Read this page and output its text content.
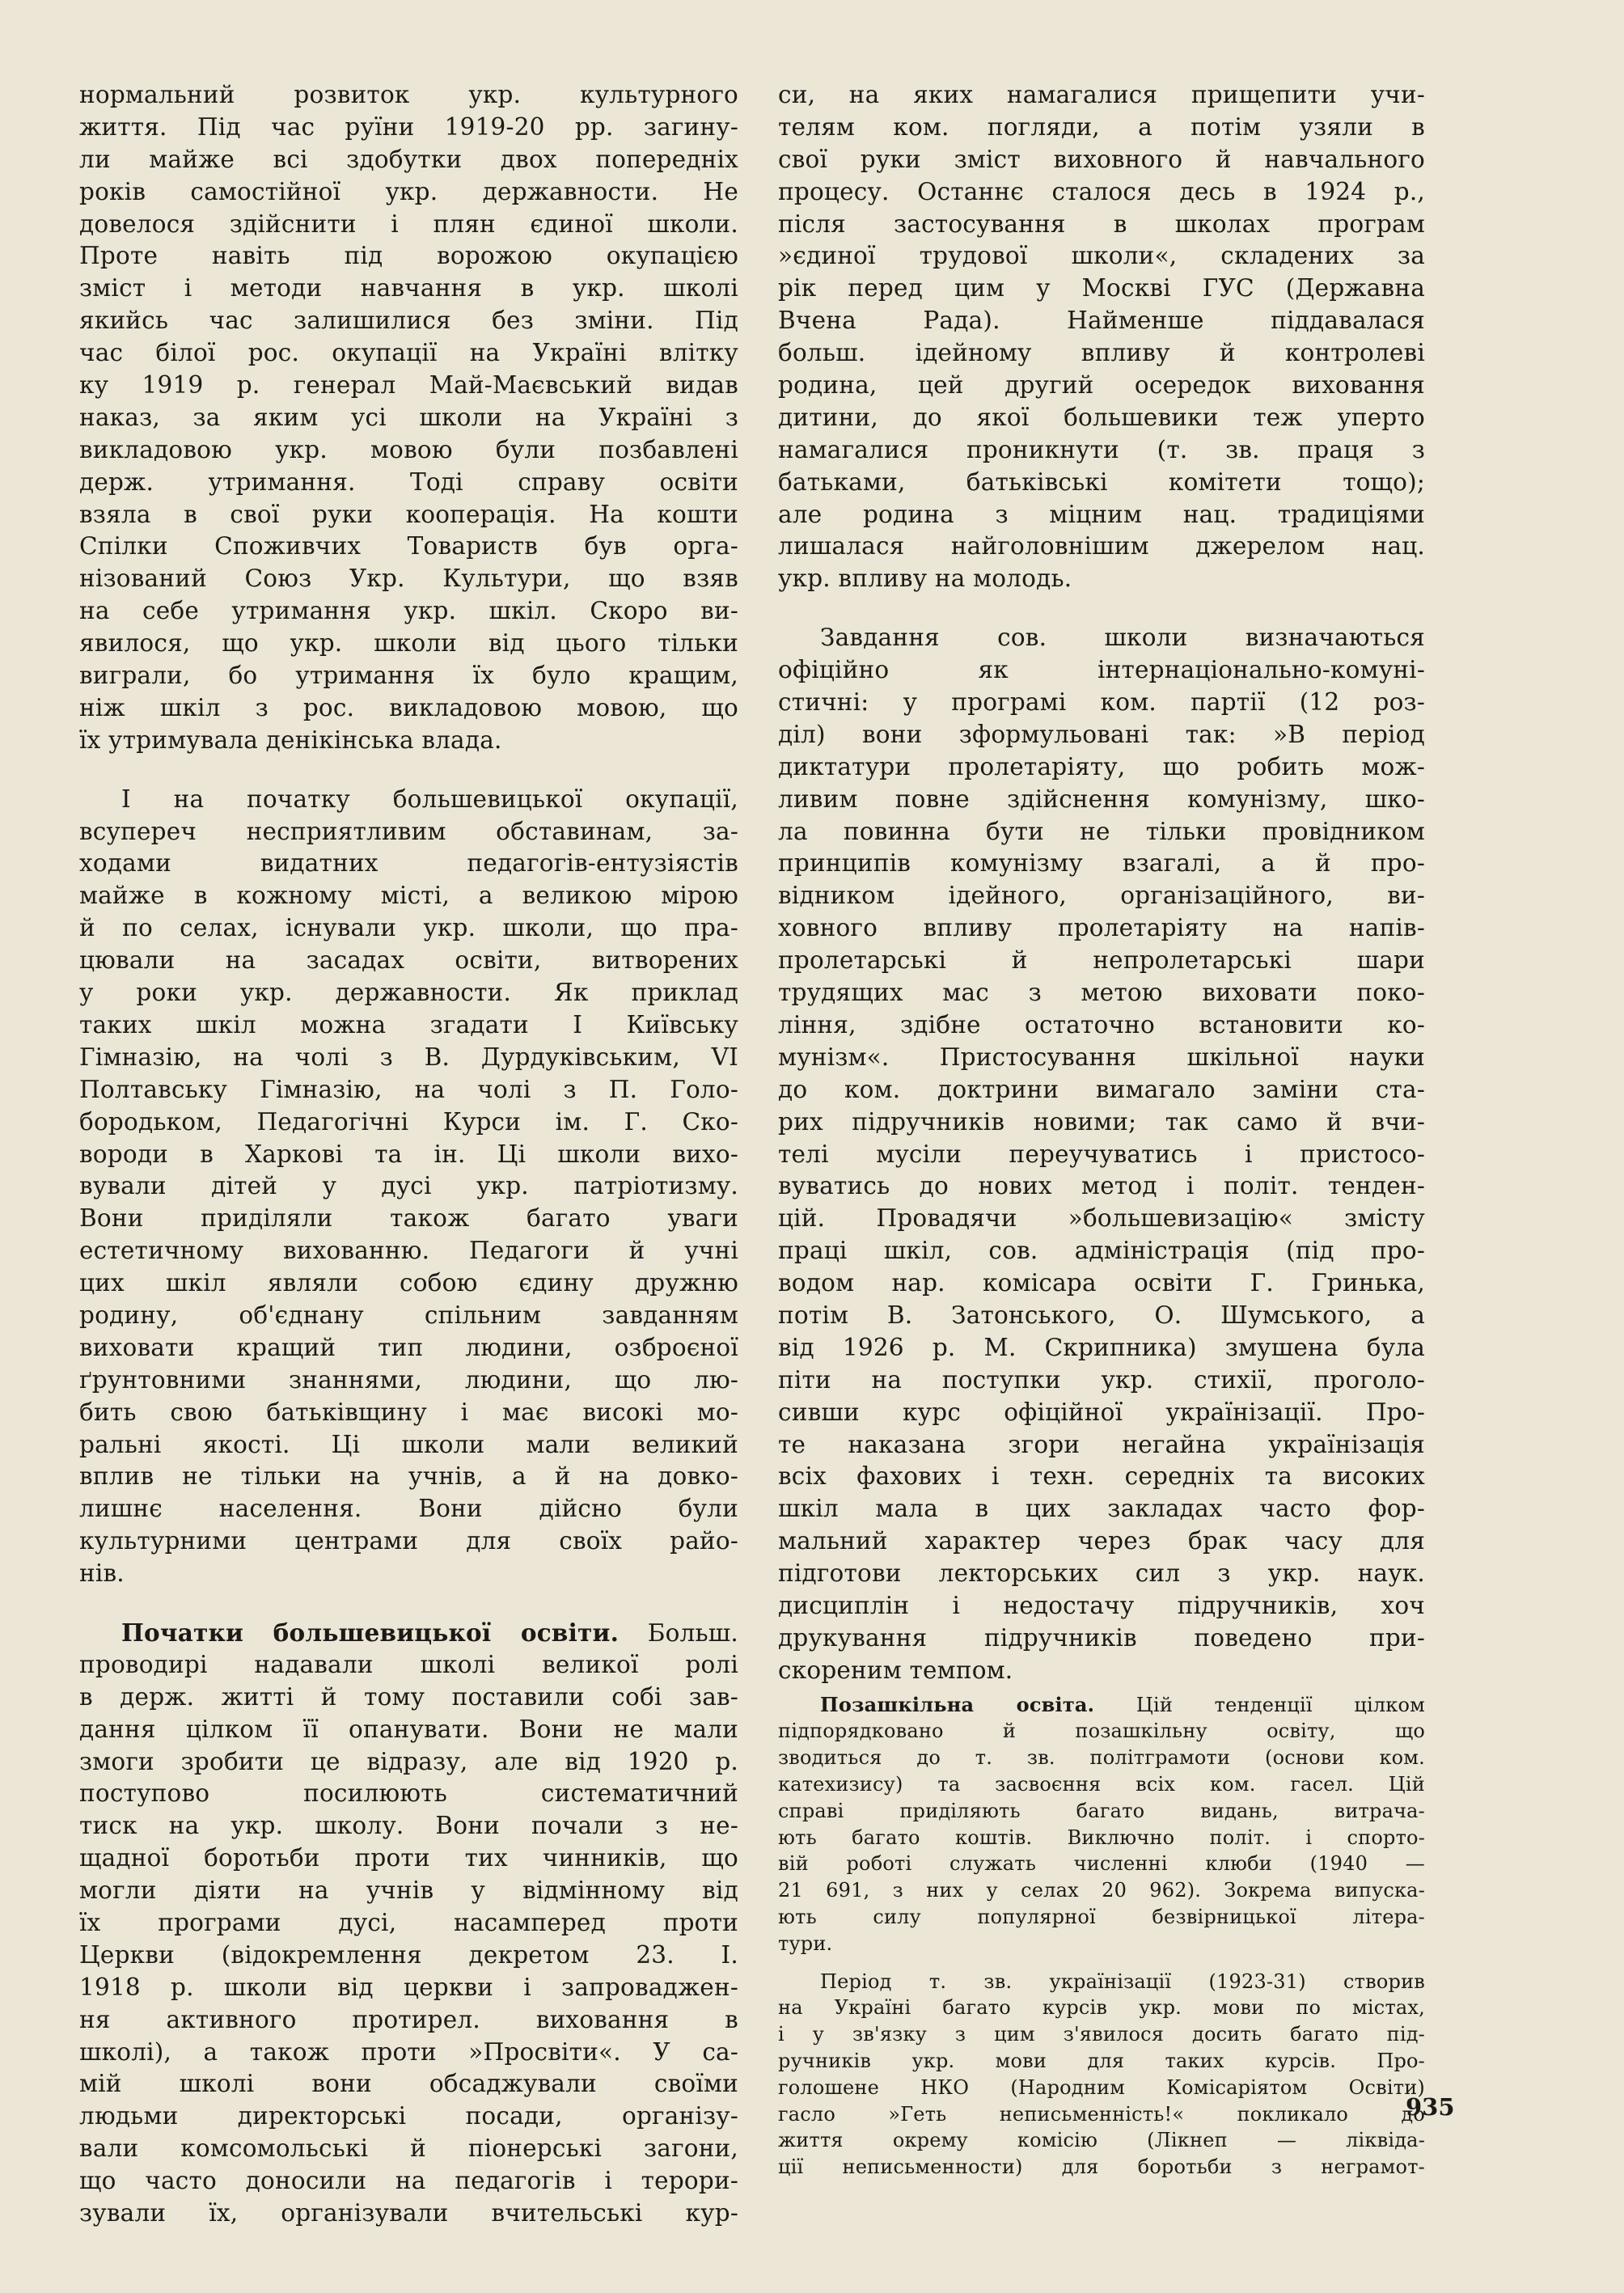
нормальний розвиток укр. культурного
життя. Під час руїни 1919-20 pp. загину-
ли майже всі здобутки двох попередніх
років самостійної укр. державности. Не
довелося здійснити і плян єдиної школи.
Проте навіть під ворожою окупацією
зміст і методи навчання в укр. школі
якийсь час залишилися без зміни. Під
час білої рос. окупації на Україні влітку
ку 1919 р. генерал Май-Маєвський видав
наказ, за яким усі школи на Україні з
викладовою укр. мовою були позбавлені
держ. утримання. Тоді справу освіти
взяла в свої руки кооперація. На кошти
Спілки Споживчих Товариств був орга-
нізований Союз Укр. Культури, що взяв
на себе утримання укр. шкіл. Скоро ви-
явилося, що укр. школи від цього тільки
виграли, бо утримання їх було кращим,
ніж шкіл з рос. викладовою мовою, що
їх утримувала денікінська влада.
І на початку большевицької окупації,
всупереч несприятливим обставинам, за-
ходами видатних педагогів-ентузіястів
майже в кожному місті, а великою мірою
й по селах, існували укр. школи, що пра-
цювали на засадах освіти, витворених
у роки укр. державности. Як приклад
таких шкіл можна згадати І Київську
Гімназію, на чолі з В. Дурдуківським, VI
Полтавську Гімназію, на чолі з П. Голо-
бородьком, Педагогічні Курси ім. Г. Ско-
вороди в Харкові та ін. Ці школи вихо-
вували дітей у дусі укр. патріотизму.
Вони приділяли також багато уваги
естетичному вихованню. Педагоги й учні
цих шкіл являли собою єдину дружню
родину, об'єднану спільним завданням
виховати кращий тип людини, озброєної
ґрунтовними знаннями, людини, що лю-
бить свою батьківщину і має високі мо-
ральні якості. Ці школи мали великий
вплив не тільки на учнів, а й на довко-
лишнє населення. Вони дійсно були
культурними центрами для своїх райо-
нів.
Початки большевицької освіти. Больш.
проводирі надавали школі великої ролі
в держ. житті й тому поставили собі зав-
дання цілком її опанувати. Вони не мали
змоги зробити це відразу, але від 1920 р.
поступово посилюють систематичний
тиск на укр. школу. Вони почали з не-
щадної боротьби проти тих чинників, що
могли діяти на учнів у відмінному від
їх програми дусі, насамперед проти
Церкви (відокремлення декретом 23. І.
1918 р. школи від церкви і запроваджен-
ня активного протирел. виховання в
школі), а також проти »Просвіти«. У са-
мій школі вони обсаджували своїми
людьми директорські посади, організу-
вали комсомольські й піонерські загони,
що часто доносили на педагогів і терори-
зували їх, організували вчительські кур-
си, на яких намагалися прищепити учи-
телям ком. погляди, а потім узяли в
свої руки зміст виховного й навчального
процесу. Останнє сталося десь в 1924 р.,
після застосування в школах програм
»єдиної трудової школи«, складених за
рік перед цим у Москві ГУС (Державна
Вчена Рада). Найменше піддавалася
больш. ідейному впливу й контролеві
родина, цей другий осередок виховання
дитини, до якої большевики теж уперто
намагалися проникнути (т. зв. праця з
батьками, батьківські комітети тощо);
але родина з міцним нац. традиціями
лишалася найголовнішим джерелом нац.
укр. впливу на молодь.
Завдання сов. школи визначаються
офіційно як інтернаціонально-комуні-
стичні: у програмі ком. партії (12 роз-
діл) вони зформульовані так: »В період
диктатури пролетаріяту, що робить мож-
ливим повне здійснення комунізму, шко-
ла повинна бути не тільки провідником
принципів комунізму взагалі, а й про-
відником ідейного, організаційного, ви-
ховного впливу пролетаріяту на напів-
пролетарські й непролетарські шари
трудящих мас з метою виховати поко-
ління, здібне остаточно встановити ко-
мунізм«. Пристосування шкільної науки
до ком. доктрини вимагало заміни ста-
рих підручників новими; так само й вчи-
телі мусіли переучуватись і пристосо-
вуватись до нових метод і політ. тенден-
цій. Провадячи »большевизацію« змісту
праці шкіл, сов. адміністрація (під про-
водом нар. комісара освіти Г. Гринька,
потім В. Затонського, О. Шумського, а
від 1926 р. М. Скрипника) змушена була
піти на поступки укр. стихії, проголо-
сивши курс офіційної українізації. Про-
те наказана згори негайна українізація
всіх фахових і техн. середніх та високих
шкіл мала в цих закладах часто фор-
мальний характер через брак часу для
підготови лекторських сил з укр. наук.
дисциплін і недостачу підручників, хоч
друкування підручників поведено при-
скореним темпом.
Позашкільна освіта. Цій тенденції цілком
підпорядковано й позашкільну освіту, що
зводиться до т. зв. політграмоти (основи ком.
катехизису) та засвоєння всіх ком. гасел. Цій
справі приділяють багато видань, витрача-
ють багато коштів. Виключно політ. і спорто-
вій роботі служать численні клюби (1940 —
21 691, з них у селах 20 962). Зокрема випуска-
ють силу популярної безвірницької літера-
тури.
Період т. зв. українізації (1923-31) створив
на Україні багато курсів укр. мови по містах,
і у зв'язку з цим з'явилося досить багато під-
ручників укр. мови для таких курсів. Про-
голошене НКО (Народним Комісаріятом Освіти)
гасло »Геть неписьменність!« покликало до
життя окрему комісію (Лікнеп — ліквіда-
ції неписьменности) для боротьби з неграмот-
935
